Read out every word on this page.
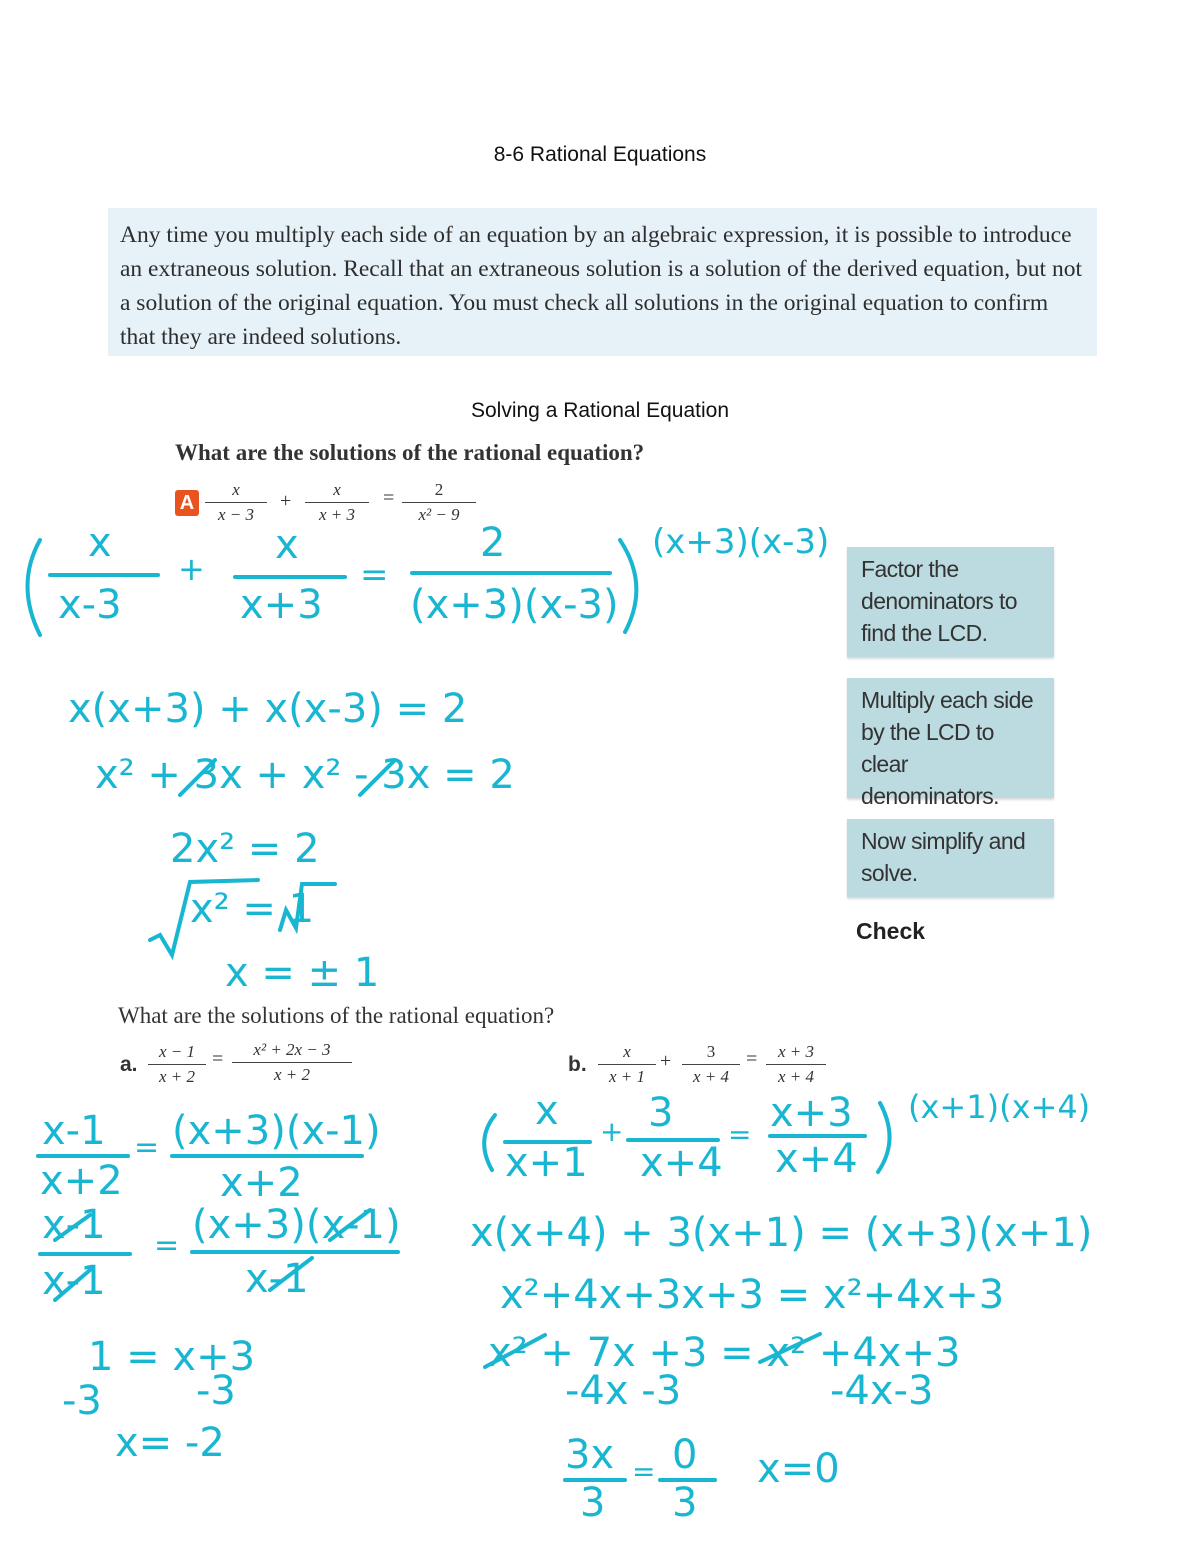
8-6 Rational Equations
Any time you multiply each side of an equation by an algebraic expression, it is possible to introduce an extraneous solution. Recall that an extraneous solution is a solution of the derived equation, but not a solution of the original equation. You must check all solutions in the original equation to confirm that they are indeed solutions.
Solving a Rational Equation
What are the solutions of the rational equation?
A
x
x − 3
+
x
x + 3
=	2
x² − 9
Factor the denominators to find the LCD.
Multiply each side by the LCD to clear denominators.
Now simplify and solve.
Check
What are the solutions of the rational equation?
a.
x − 1
x + 2
=	x² + 2x − 3
x + 2	b.
x
x + 1
+	3
x + 4
=	x + 3
x + 4
(x+3)(x-3)
x
x-3
+
x
x+3
=
2
(x+3)(x-3)
x(x+3) + x(x-3) = 2
x² + 3x + x² - 3x = 2
2x² = 2
x² = 1
x = ± 1
x-1
x+2
= (x+3)(x-1)
x+2
x-1
x-1
= (x+3)(x-1)
x-1
1 = x+3
-3 -3
x= -2
(x+1)(x+4)
x
x+1
+ 3
x+4
= x+3
x+4
x(x+4) + 3(x+1) = (x+3)(x+1)
x²+4x+3x+3 = x²+4x+3
x² + 7x +3 = x² +4x+3
-4x -3	-4x-3
3x
3
= 0
3
x=0
